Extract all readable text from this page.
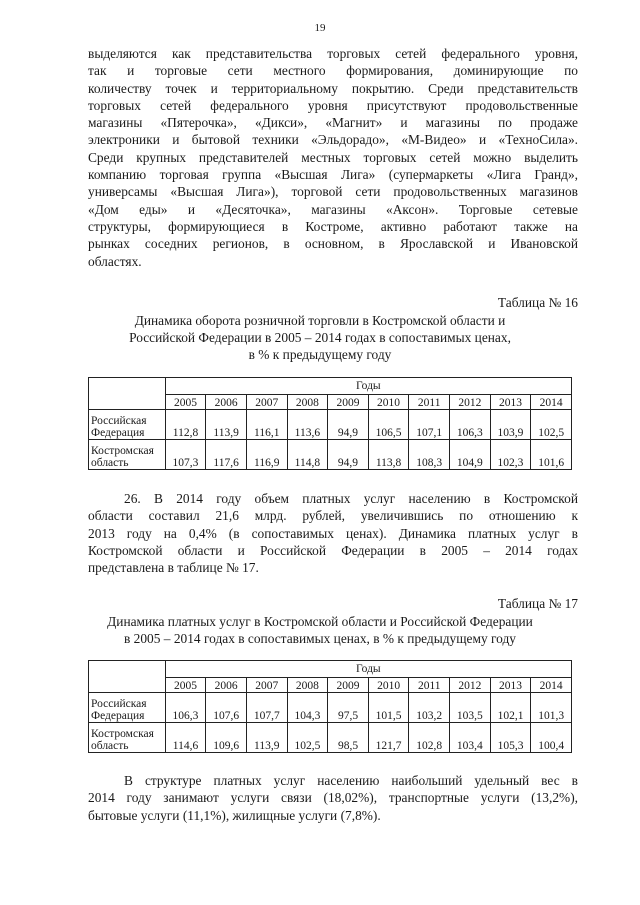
19
выделяются как представительства торговых сетей федерального уровня,
так и торговые сети местного формирования, доминирующие по
количеству точек и территориальному покрытию. Среди представительств
торговых сетей федерального уровня присутствуют продовольственные
магазины «Пятерочка», «Дикси», «Магнит» и магазины по продаже
электроники и бытовой техники «Эльдорадо», «М-Видео» и «ТехноСила».
Среди крупных представителей местных торговых сетей можно выделить
компанию торговая группа «Высшая Лига» (супермаркеты «Лига Гранд»,
универсамы «Высшая Лига»), торговой сети продовольственных магазинов
«Дом еды» и «Десяточка», магазины «Аксон». Торговые сетевые
структуры, формирующиеся в Костроме, активно работают также на
рынках соседних регионов, в основном, в Ярославской и Ивановской
областях.
Таблица № 16
Динамика оборота розничной торговли в Костромской области и
Российской Федерации в 2005 – 2014 годах в сопоставимых ценах,
в % к предыдущему году
	Годы									
	2005	2006	2007	2008	2009	2010	2011	2012	2013	2014

Российская
Федерация	112,8	113,9	116,1	113,6	94,9	106,5	107,1	106,3	103,9	102,5

Костромская
область	107,3	117,6	116,9	114,8	94,9	113,8	108,3	104,9	102,3	101,6
26. В 2014 году объем платных услуг населению в Костромской
области составил 21,6 млрд. рублей, увеличившись по отношению к
2013 году на 0,4% (в сопоставимых ценах). Динамика платных услуг в
Костромской области и Российской Федерации в 2005 – 2014 годах
представлена в таблице № 17.
Таблица № 17
Динамика платных услуг в Костромской области и Российской Федерации
в 2005 – 2014 годах в сопоставимых ценах, в % к предыдущему году
	Годы									
	2005	2006	2007	2008	2009	2010	2011	2012	2013	2014

Российская
Федерация	106,3	107,6	107,7	104,3	97,5	101,5	103,2	103,5	102,1	101,3

Костромская
область	114,6	109,6	113,9	102,5	98,5	121,7	102,8	103,4	105,3	100,4
В структуре платных услуг населению наибольший удельный вес в
2014 году занимают услуги связи (18,02%), транспортные услуги (13,2%),
бытовые услуги (11,1%), жилищные услуги (7,8%).
